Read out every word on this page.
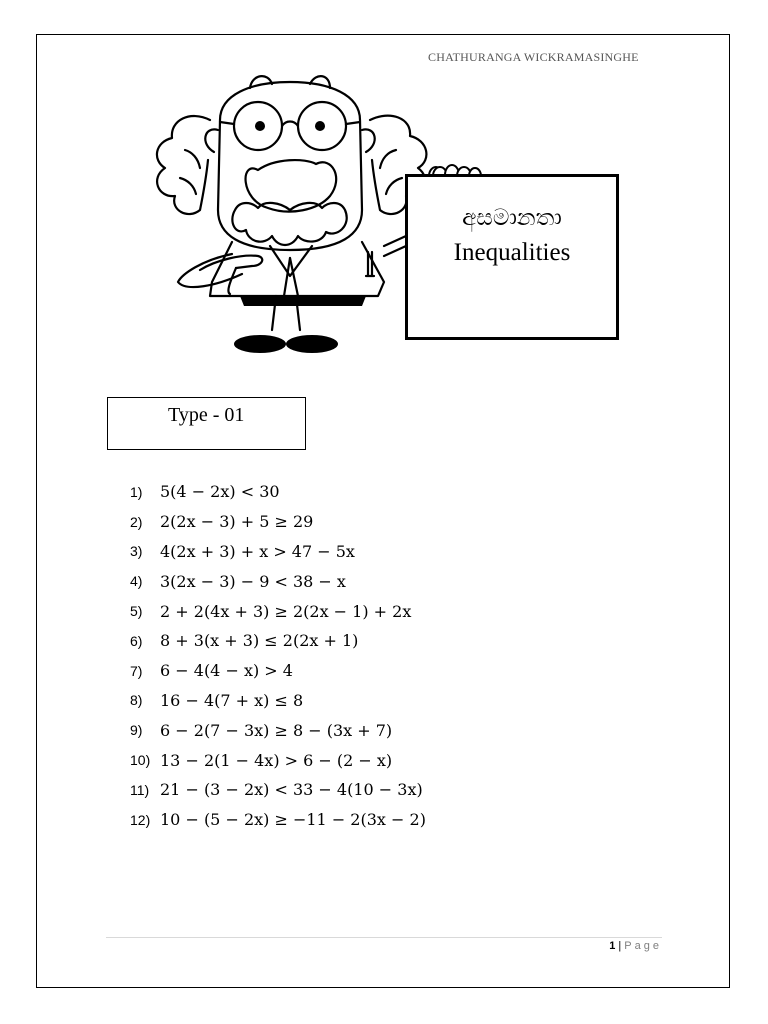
CHATHURANGA WICKRAMASINGHE
අසමානතා
Inequalities
Type - 01
1)	5(4 − 2x) < 30
2)	2(2x − 3) + 5 ≥ 29
3)	4(2x + 3) + x > 47 − 5x
4)	3(2x − 3) − 9 < 38 − x
5)	2 + 2(4x + 3) ≥ 2(2x − 1) + 2x
6)	8 + 3(x + 3) ≤ 2(2x + 1)
7)	6 − 4(4 − x) > 4
8)	16 − 4(7 + x) ≤ 8
9)	6 − 2(7 − 3x) ≥ 8 − (3x + 7)
10) 13 − 2(1 − 4x) > 6 − (2 − x)
11) 21 − (3 − 2x) < 33 − 4(10 − 3x)
12) 10 − (5 − 2x) ≥ −11 − 2(3x − 2)
1 | Page
